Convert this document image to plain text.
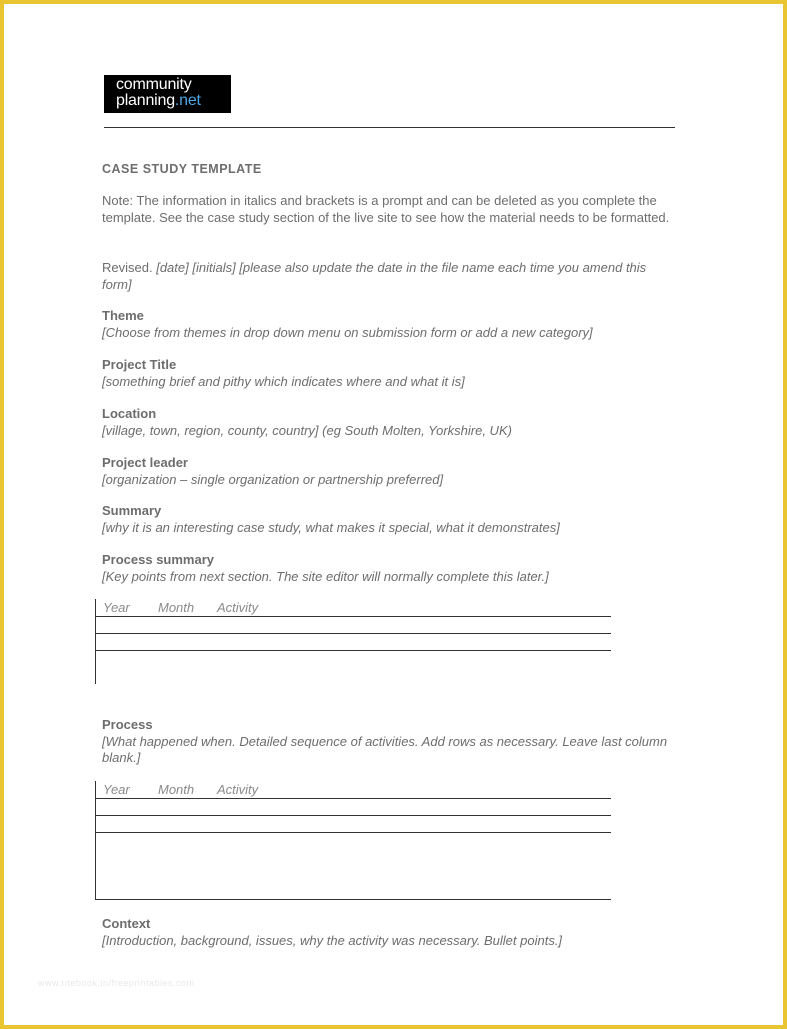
community
planning.net

CASE STUDY TEMPLATE

Note: The information in italics and brackets is a prompt and can be deleted as you complete the template. See the case study section of the live site to see how the material needs to be formatted.

Revised. [date] [initials] [please also update the date in the file name each time you amend this form]

Theme
[Choose from themes in drop down menu on submission form or add a new category]
Project Title
[something brief and pithy which indicates where and what it is]
Location
[village, town, region, county, country] (eg South Molten, Yorkshire, UK)
Project leader
[organization – single organization or partnership preferred]
Summary
[why it is an interesting case study, what makes it special, what it demonstrates]
Process summary
[Key points from next section. The site editor will normally complete this later.]
Year Month Activity
Process
[What happened when. Detailed sequence of activities. Add rows as necessary. Leave last column blank.]
Year Month Activity
Context
[Introduction, background, issues, why the activity was necessary. Bullet points.]
www.ritebook.in/freeprintables.com
